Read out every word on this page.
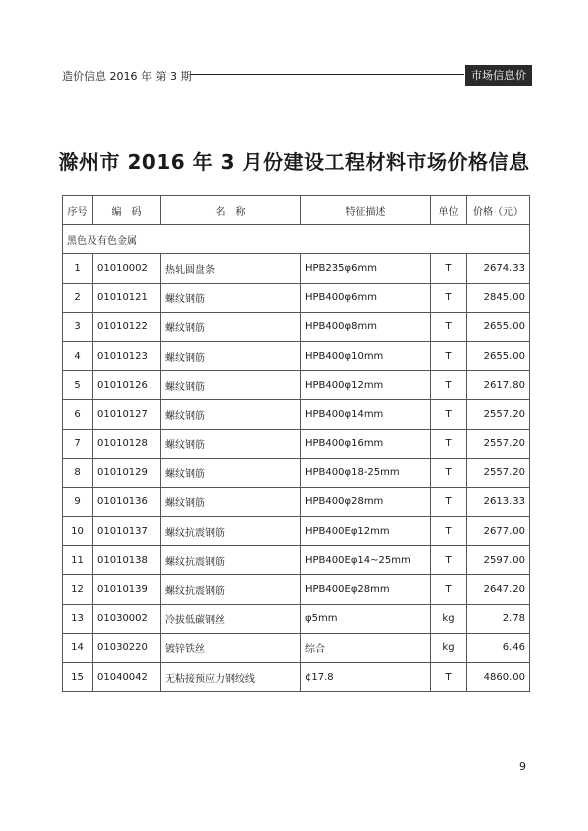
造价信息 2016 年 第 3 期	市场信息价
滁州市 2016 年 3 月份建设工程材料市场价格信息
序号	编　码	名　称	特征描述	单位	价格（元）
黑色及有色金属					
1	01010002	热轧圆盘条	HPB235φ6mm	T	2674.33
2	01010121	螺纹钢筋	HPB400φ6mm	T	2845.00
3	01010122	螺纹钢筋	HPB400φ8mm	T	2655.00
4	01010123	螺纹钢筋	HPB400φ10mm	T	2655.00
5	01010126	螺纹钢筋	HPB400φ12mm	T	2617.80
6	01010127	螺纹钢筋	HPB400φ14mm	T	2557.20
7	01010128	螺纹钢筋	HPB400φ16mm	T	2557.20
8	01010129	螺纹钢筋	HPB400φ18-25mm	T	2557.20
9	01010136	螺纹钢筋	HPB400φ28mm	T	2613.33
10	01010137	螺纹抗震钢筋	HPB400Eφ12mm	T	2677.00
11	01010138	螺纹抗震钢筋	HPB400Eφ14~25mm	T	2597.00
12	01010139	螺纹抗震钢筋	HPB400Eφ28mm	T	2647.20
13	01030002	冷拔低碳钢丝	φ5mm	kg	2.78
14	01030220	镀锌铁丝	综合	kg	6.46
15	01040042	无粘接预应力钢绞线	¢17.8	T	4860.00
9
